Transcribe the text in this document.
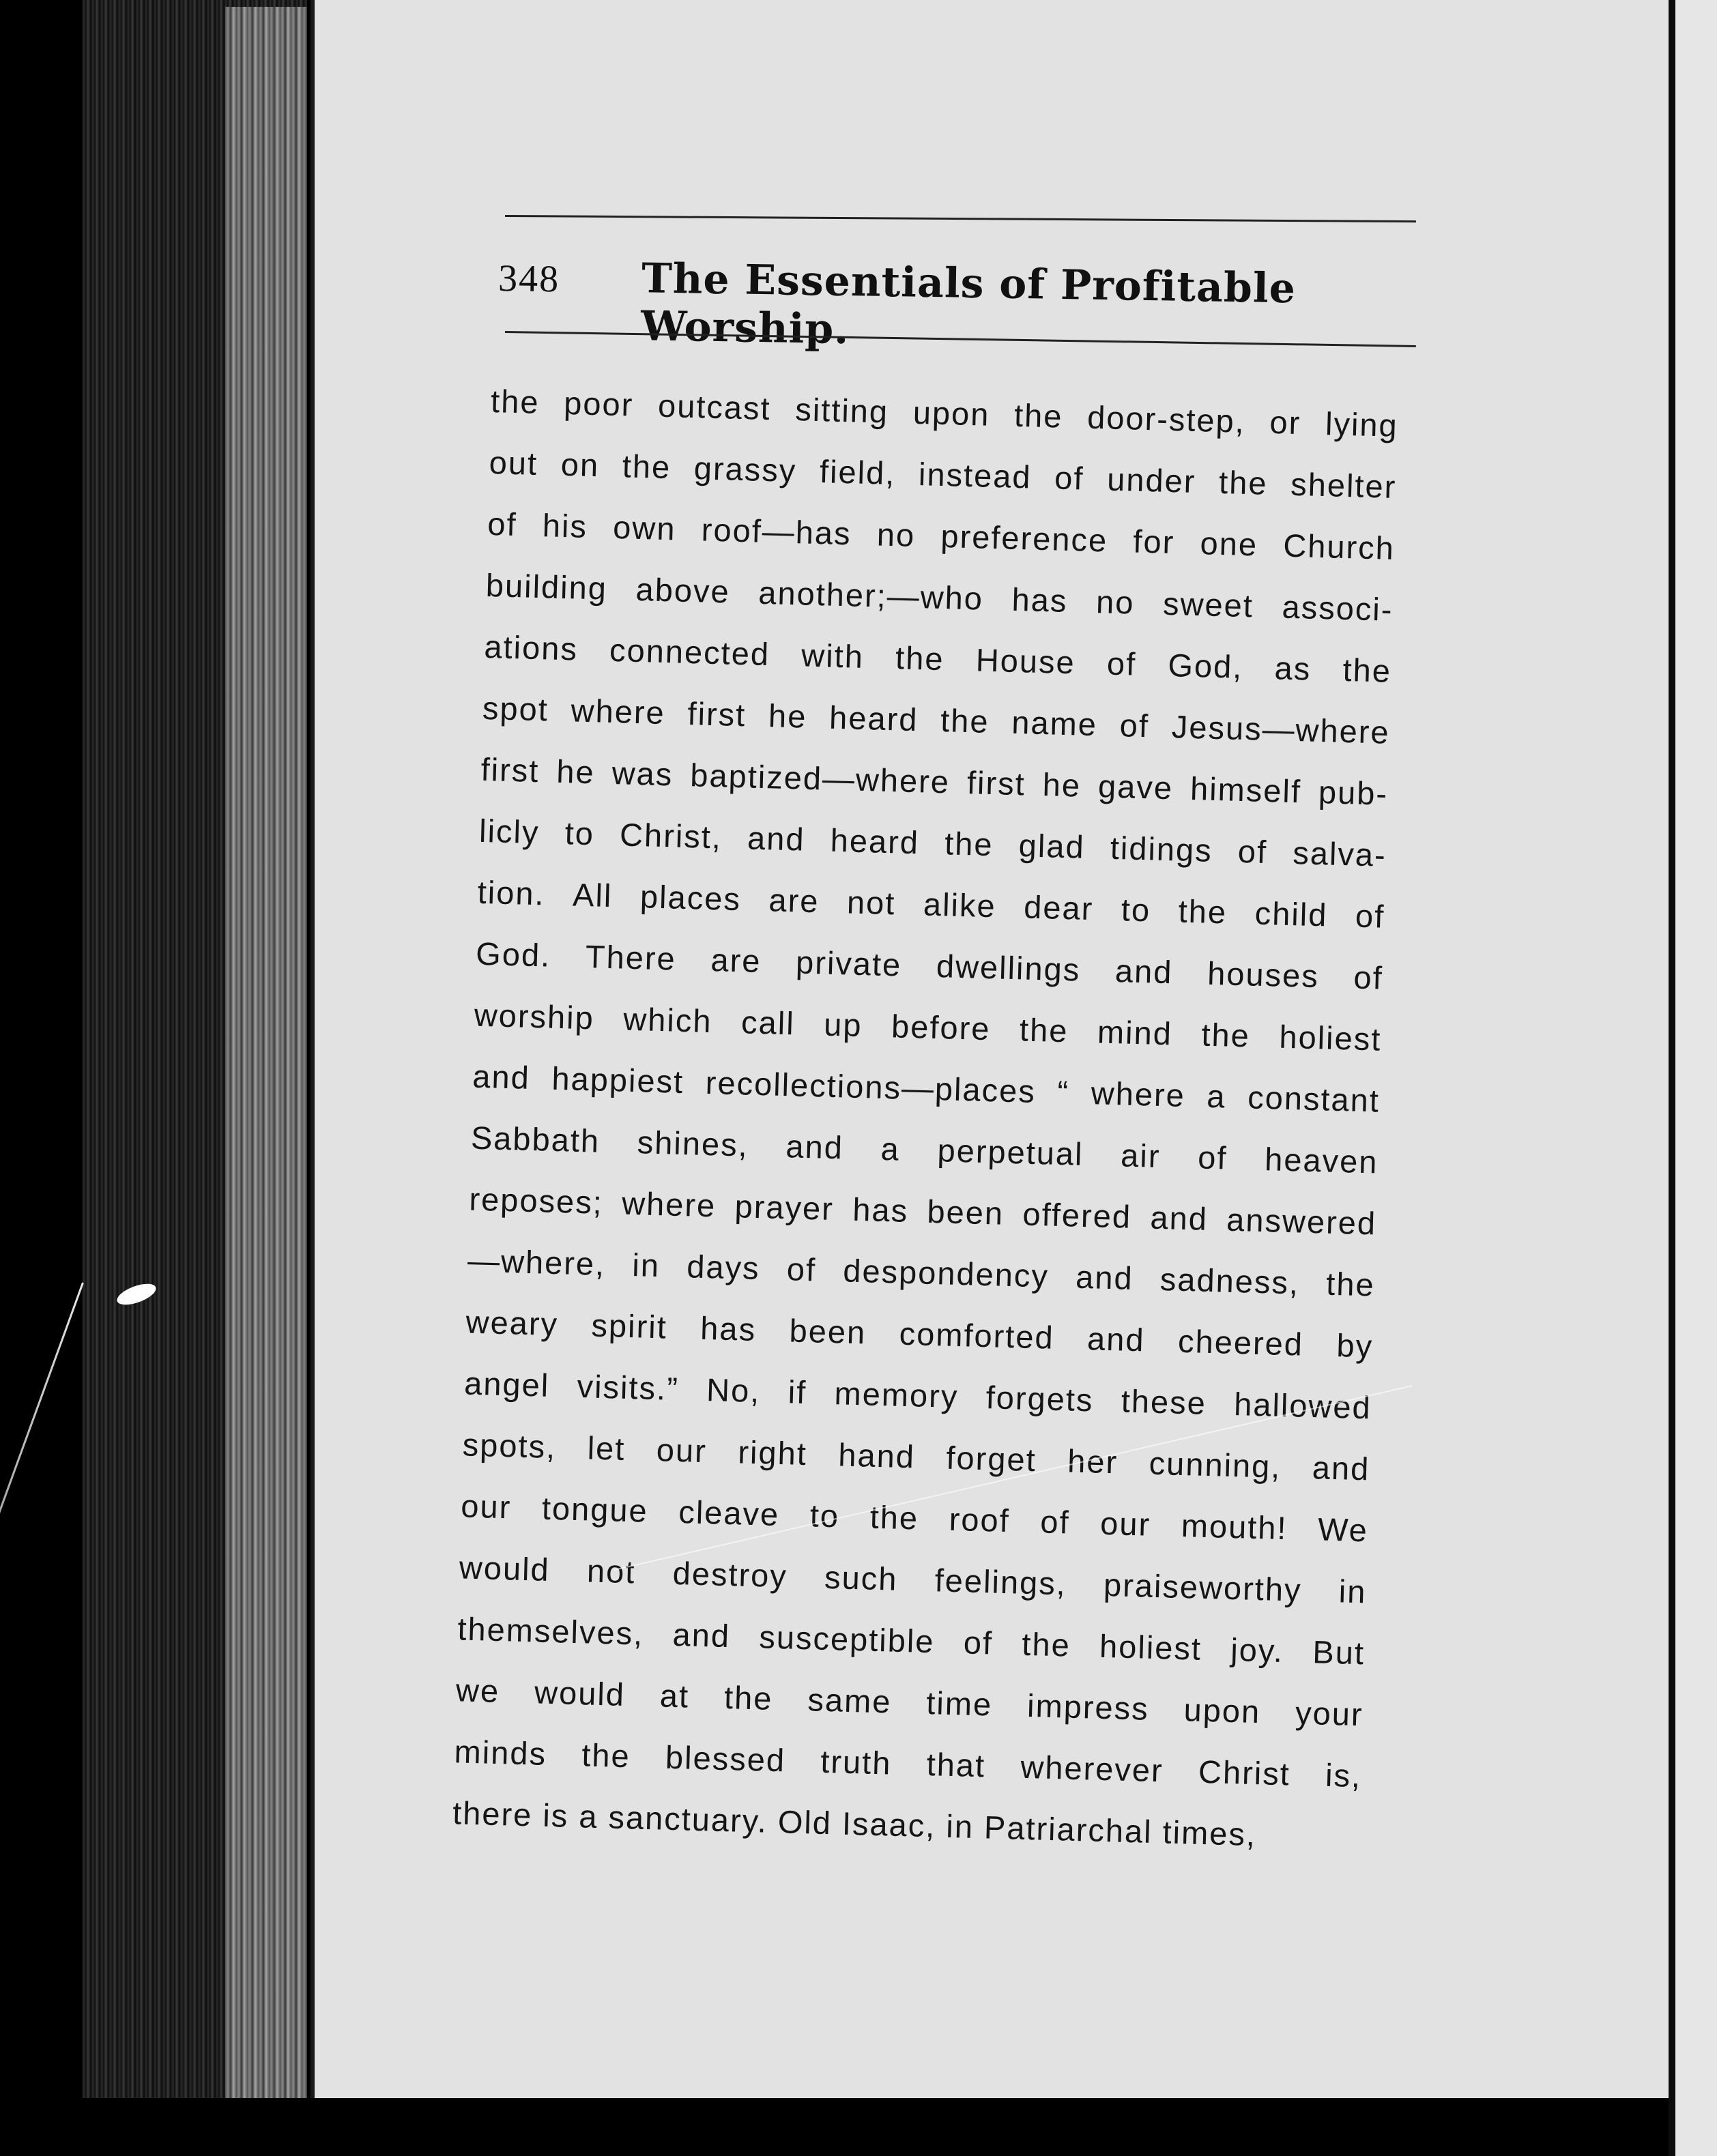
348 The Essentials of Profitable Worship.
the poor outcast sitting upon the door-step, or lying
out on the grassy field, instead of under the shelter
of his own roof—has no preference for one Church
building above another;—who has no sweet associ-
ations connected with the House of God, as the
spot where first he heard the name of Jesus—where
first he was baptized—where first he gave himself pub-
licly to Christ, and heard the glad tidings of salva-
tion. All places are not alike dear to the child of
God. There are private dwellings and houses of
worship which call up before the mind the holiest
and happiest recollections—places “ where a constant
Sabbath shines, and a perpetual air of heaven
reposes; where prayer has been offered and answered
—where, in days of despondency and sadness, the
weary spirit has been comforted and cheered by
angel visits.” No, if memory forgets these hallowed
spots, let our right hand forget her cunning, and
our tongue cleave to the roof of our mouth! We
would not destroy such feelings, praiseworthy in
themselves, and susceptible of the holiest joy. But
we would at the same time impress upon your
minds the blessed truth that wherever Christ is,
there
is
a
sanctuary.
Old
Isaac,
in
Patriarchal
times,
